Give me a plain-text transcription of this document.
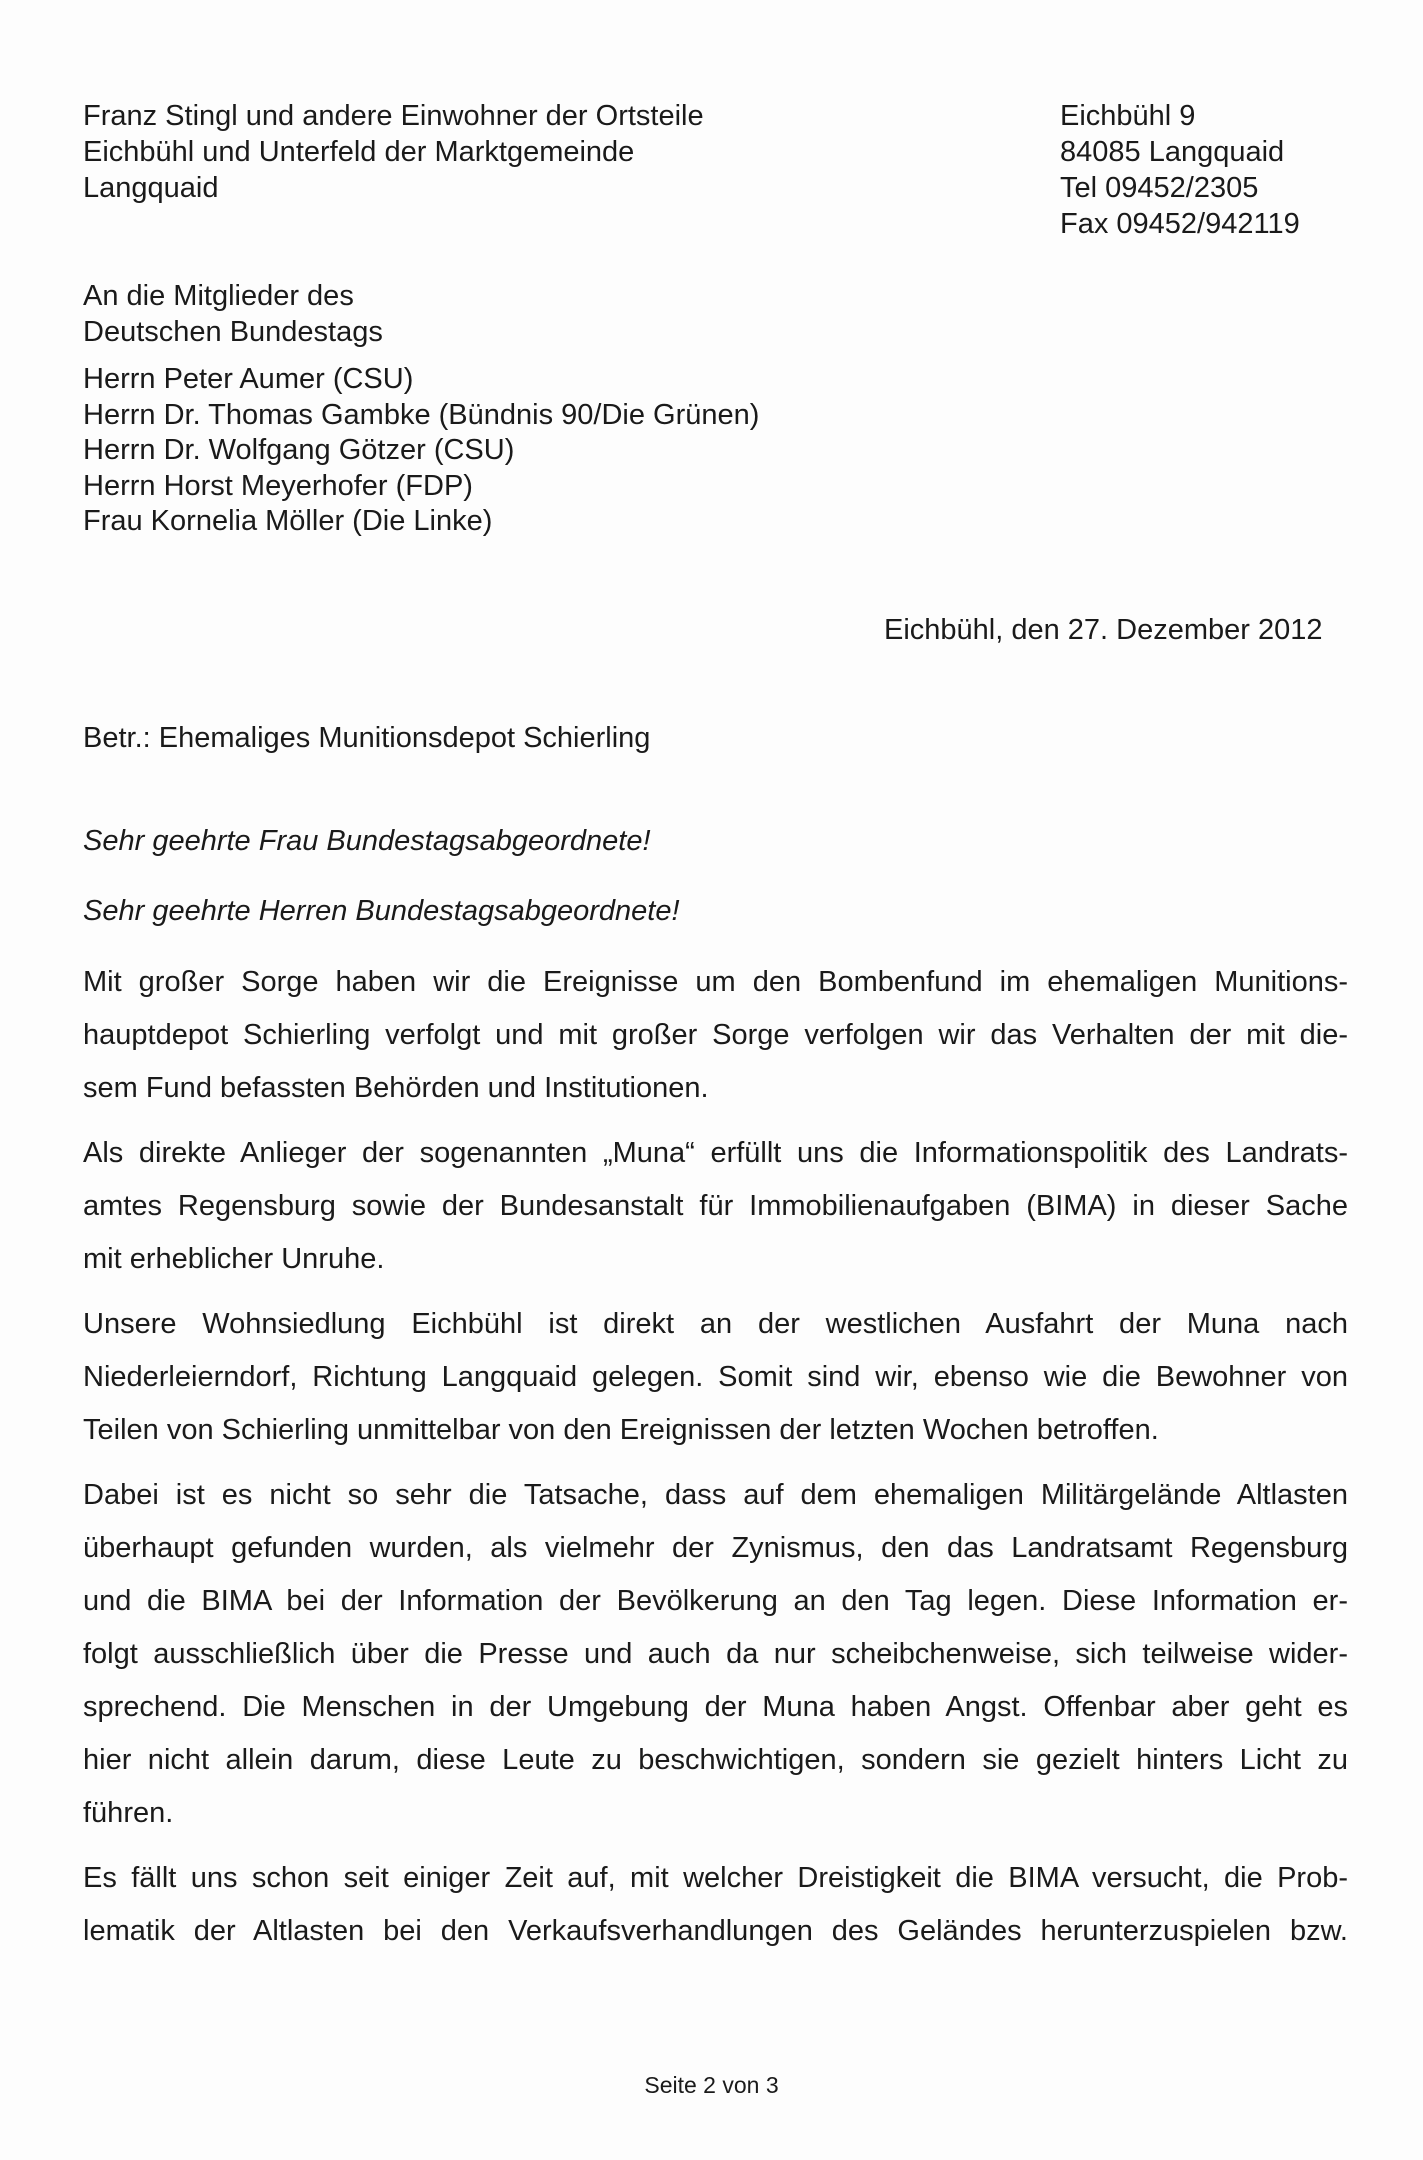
Franz Stingl und andere Einwohner der Ortsteile
Eichbühl und Unterfeld der Marktgemeinde
Langquaid
Eichbühl 9
84085 Langquaid
Tel 09452/2305
Fax 09452/942119
An die Mitglieder des
Deutschen Bundestags
Herrn Peter Aumer (CSU)
Herrn Dr. Thomas Gambke (Bündnis 90/Die Grünen)
Herrn Dr. Wolfgang Götzer (CSU)
Herrn Horst Meyerhofer (FDP)
Frau Kornelia Möller (Die Linke)
Eichbühl, den 27. Dezember 2012
Betr.: Ehemaliges Munitionsdepot Schierling
Sehr geehrte Frau Bundestagsabgeordnete!
Sehr geehrte Herren Bundestagsabgeordnete!
Mit großer Sorge haben wir die Ereignisse um den Bombenfund im ehemaligen Munitions-
hauptdepot Schierling verfolgt und mit großer Sorge verfolgen wir das Verhalten der mit die-
sem Fund befassten Behörden und Institutionen.
Als direkte Anlieger der sogenannten „Muna“ erfüllt uns die Informationspolitik des Landrats-
amtes Regensburg sowie der Bundesanstalt für Immobilienaufgaben (BIMA) in dieser Sache
mit erheblicher Unruhe.
Unsere Wohnsiedlung Eichbühl ist direkt an der westlichen Ausfahrt der Muna nach
Niederleierndorf, Richtung Langquaid gelegen. Somit sind wir, ebenso wie die Bewohner von
Teilen von Schierling unmittelbar von den Ereignissen der letzten Wochen betroffen.
Dabei ist es nicht so sehr die Tatsache, dass auf dem ehemaligen Militärgelände Altlasten
überhaupt gefunden wurden, als vielmehr der Zynismus, den das Landratsamt Regensburg
und die BIMA bei der Information der Bevölkerung an den Tag legen. Diese Information er-
folgt ausschließlich über die Presse und auch da nur scheibchenweise, sich teilweise wider-
sprechend. Die Menschen in der Umgebung der Muna haben Angst. Offenbar aber geht es
hier nicht allein darum, diese Leute zu beschwichtigen, sondern sie gezielt hinters Licht zu
führen.
Es fällt uns schon seit einiger Zeit auf, mit welcher Dreistigkeit die BIMA versucht, die Prob-
lematik der Altlasten bei den Verkaufsverhandlungen des Geländes herunterzuspielen bzw.
Seite 2 von 3
